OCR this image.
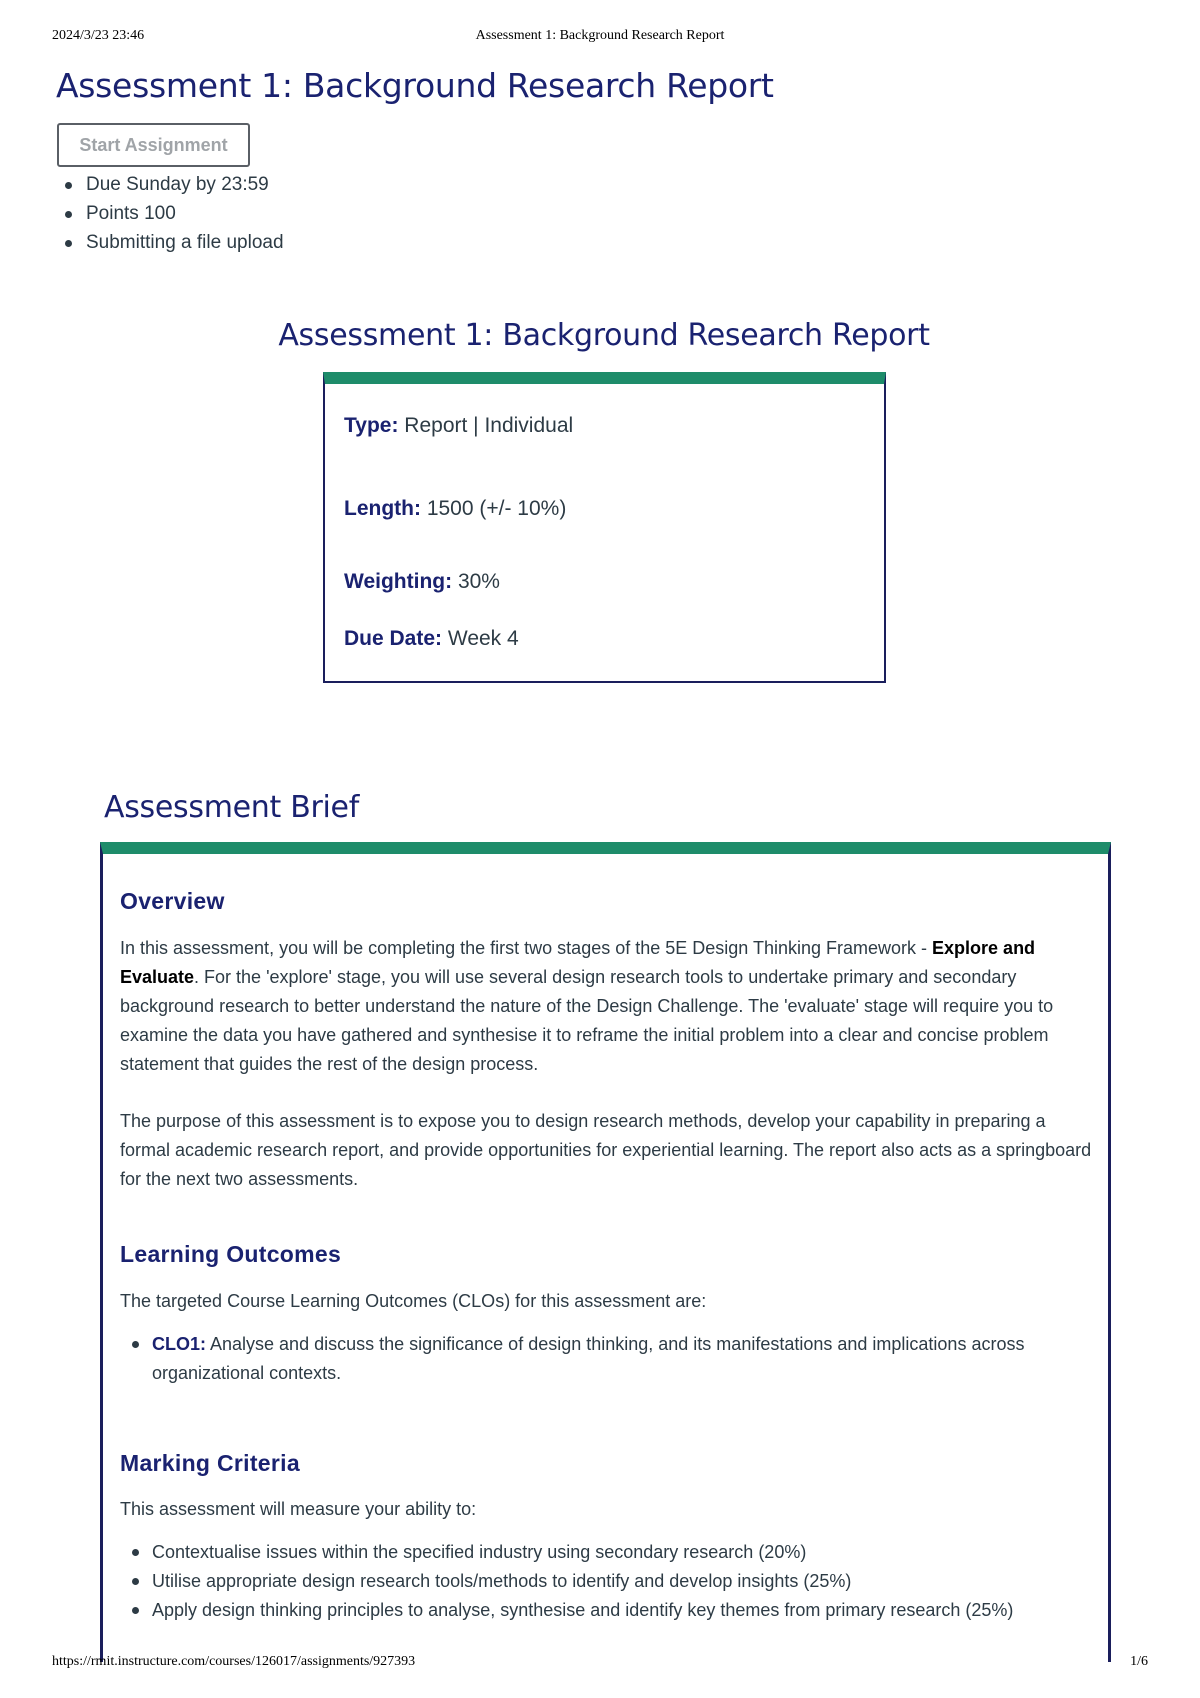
2024/3/23 23:46	Assessment 1: Background Research Report
Assessment 1: Background Research Report
Start Assignment
Due Sunday by 23:59
Points 100
Submitting a file upload
Assessment 1: Background Research Report
Type: Report | Individual
Length: 1500 (+/- 10%)
Weighting: 30%
Due Date: Week 4
Assessment Brief
Overview

In this assessment, you will be completing the first two stages of the 5E Design Thinking Framework - Explore and Evaluate. For the 'explore' stage, you will use several design research tools to undertake primary and secondary background research to better understand the nature of the Design Challenge. The 'evaluate' stage will require you to examine the data you have gathered and synthesise it to reframe the initial problem into a clear and concise problem statement that guides the rest of the design process.

The purpose of this assessment is to expose you to design research methods, develop your capability in preparing a formal academic research report, and provide opportunities for experiential learning. The report also acts as a springboard for the next two assessments.

Learning Outcomes

The targeted Course Learning Outcomes (CLOs) for this assessment are:

CLO1: Analyse and discuss the significance of design thinking, and its manifestations and implications across organizational contexts.
Marking Criteria

This assessment will measure your ability to:

Contextualise issues within the specified industry using secondary research (20%)
Utilise appropriate design research tools/methods to identify and develop insights (25%)
Apply design thinking principles to analyse, synthesise and identify key themes from primary research (25%)
https://rmit.instructure.com/courses/126017/assignments/927393	1/6
